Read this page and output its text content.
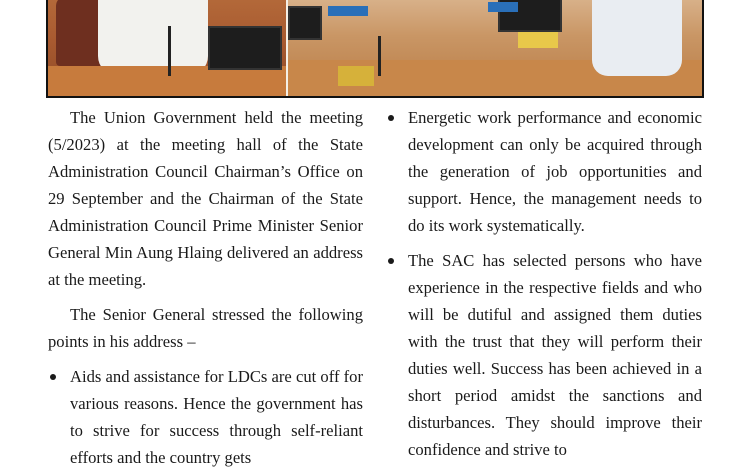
The Union Government held the meeting (5/2023) at the meeting hall of the State Administration Council Chairman’s Office on 29 September and the Chairman of the State Administration Council Prime Minister Senior General Min Aung Hlaing delivered an address at the meeting.

The Senior General stressed the following points in his address –

Aids and assistance for LDCs are cut off for various reasons. Hence the government has to strive for success through self-reliant efforts and the country gets
Energetic work performance and economic development can only be acquired through the generation of job opportunities and support. Hence, the management needs to do its work systematically.
The SAC has selected persons who have experience in the respective fields and who will be dutiful and assigned them duties with the trust that they will perform their duties well. Success has been achieved in a short period amidst the sanctions and disturbances. They should improve their confidence and strive to
